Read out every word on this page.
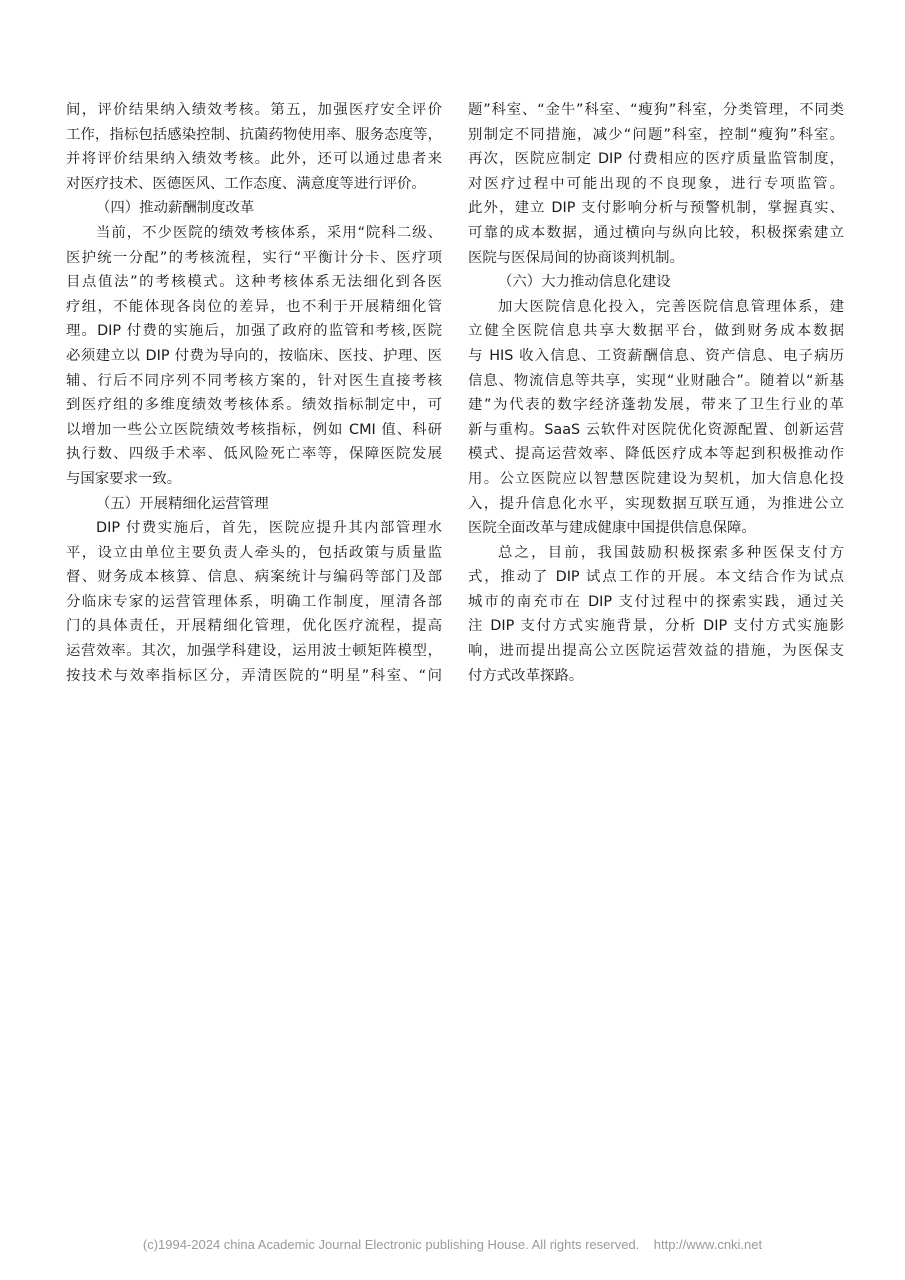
间，评价结果纳入绩效考核。第五，加强医疗安全评价
工作，指标包括感染控制、抗菌药物使用率、服务态度等，
并将评价结果纳入绩效考核。此外，还可以通过患者来
对医疗技术、医德医风、工作态度、满意度等进行评价。
（四）推动薪酬制度改革
当前，不少医院的绩效考核体系，采用“院科二级、
医护统一分配”的考核流程，实行“平衡计分卡、医疗项
目点值法”的考核模式。这种考核体系无法细化到各医
疗组，不能体现各岗位的差异，也不利于开展精细化管
理。DIP 付费的实施后，加强了政府的监管和考核,医院
必须建立以 DIP 付费为导向的，按临床、医技、护理、医
辅、行后不同序列不同考核方案的，针对医生直接考核
到医疗组的多维度绩效考核体系。绩效指标制定中，可
以增加一些公立医院绩效考核指标，例如 CMI 值、科研
执行数、四级手术率、低风险死亡率等，保障医院发展
与国家要求一致。
（五）开展精细化运营管理
DIP 付费实施后，首先，医院应提升其内部管理水
平，设立由单位主要负责人牵头的，包括政策与质量监
督、财务成本核算、信息、病案统计与编码等部门及部
分临床专家的运营管理体系，明确工作制度，厘清各部
门的具体责任，开展精细化管理，优化医疗流程，提高
运营效率。其次，加强学科建设，运用波士顿矩阵模型，
按技术与效率指标区分，弄清医院的“明星”科室、“问
题”科室、“金牛”科室、“瘦狗”科室，分类管理，不同类
别制定不同措施，减少“问题”科室，控制“瘦狗”科室。
再次，医院应制定 DIP 付费相应的医疗质量监管制度，
对医疗过程中可能出现的不良现象，进行专项监管。
此外，建立 DIP 支付影响分析与预警机制，掌握真实、
可靠的成本数据，通过横向与纵向比较，积极探索建立
医院与医保局间的协商谈判机制。
（六）大力推动信息化建设
加大医院信息化投入，完善医院信息管理体系，建
立健全医院信息共享大数据平台，做到财务成本数据
与 HIS 收入信息、工资薪酬信息、资产信息、电子病历
信息、物流信息等共享，实现“业财融合”。随着以“新基
建”为代表的数字经济蓬勃发展，带来了卫生行业的革
新与重构。SaaS 云软件对医院优化资源配置、创新运营
模式、提高运营效率、降低医疗成本等起到积极推动作
用。公立医院应以智慧医院建设为契机，加大信息化投
入，提升信息化水平，实现数据互联互通，为推进公立
医院全面改革与建成健康中国提供信息保障。
总之，目前，我国鼓励积极探索多种医保支付方
式，推动了 DIP 试点工作的开展。本文结合作为试点
城市的南充市在 DIP 支付过程中的探索实践，通过关
注 DIP 支付方式实施背景，分析 DIP 支付方式实施影
响，进而提出提高公立医院运营效益的措施，为医保支
付方式改革探路。
(c)1994-2024 china Academic Journal Electronic publishing House. All rights reserved.    http://www.cnki.net
